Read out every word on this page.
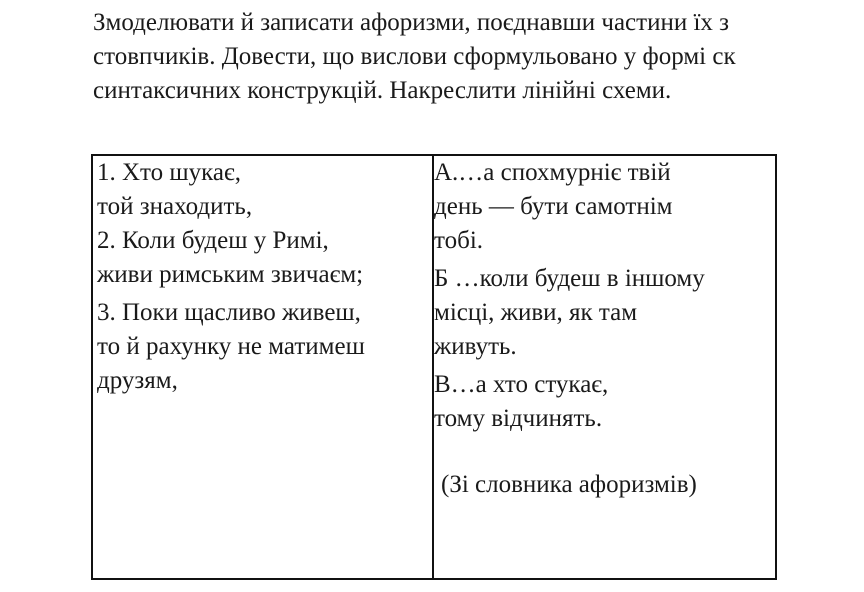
Змоделювати й записати афоризми, поєднавши частини їх з
стовпчиків. Довести, що вислови сформульовано у формі ск
синтаксичних конструкцій. Накреслити лінійні схеми.
1. Хто шукає,
той знаходить,
2. Коли будеш у Римі,
живи римським звичаєм;
3. Поки щасливо живеш,
то й рахунку не матимеш
друзям,
А.…а спохмурніє твій
день — бути самотнім
тобі.
Б …коли будеш в іншому
місці, живи, як там
живуть.
В…а хто стукає,
тому відчинять.
(Зі словника афоризмів)
